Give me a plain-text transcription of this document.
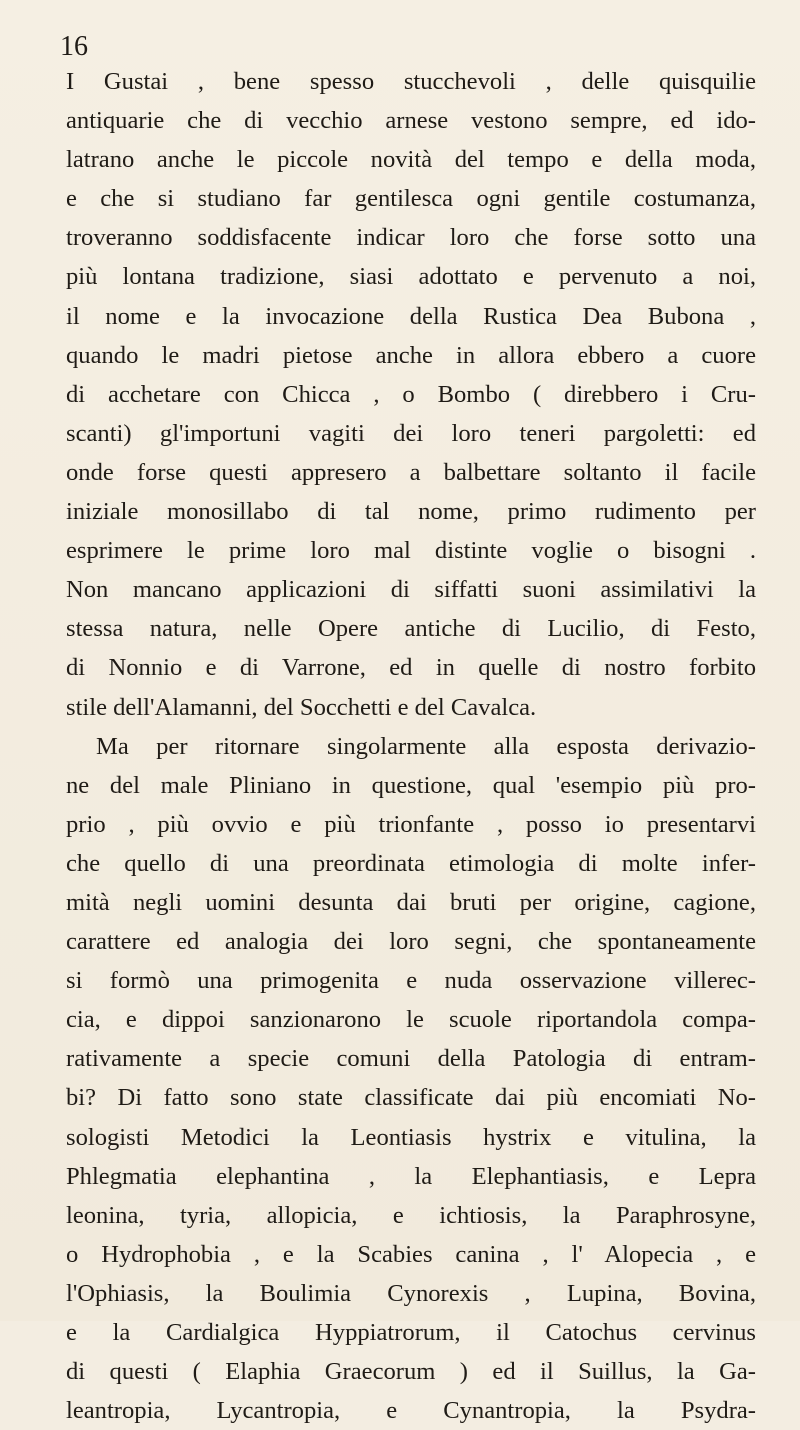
16
I Gustai , bene spesso stucchevoli , delle quisquilie
antiquarie che di vecchio arnese vestono sempre, ed ido-
latrano anche le piccole novità del tempo e della moda,
e che si studiano far gentilesca ogni gentile costumanza,
troveranno soddisfacente indicar loro che forse sotto una
più lontana tradizione, siasi adottato e pervenuto a noi,
il nome e la invocazione della Rustica Dea Bubona ,
quando le madri pietose anche in allora ebbero a cuore
di acchetare con Chicca , o Bombo ( direbbero i Cru-
scanti) gl'importuni vagiti dei loro teneri pargoletti: ed
onde forse questi appresero a balbettare soltanto il facile
iniziale monosillabo di tal nome, primo rudimento per
esprimere le prime loro mal distinte voglie o bisogni .
Non mancano applicazioni di siffatti suoni assimilativi la
stessa natura, nelle Opere antiche di Lucilio, di Festo,
di Nonnio e di Varrone, ed in quelle di nostro forbito
stile dell'Alamanni, del Socchetti e del Cavalca.
Ma per ritornare singolarmente alla esposta derivazio-
ne del male Pliniano in questione, qual 'esempio più pro-
prio , più ovvio e più trionfante , posso io presentarvi
che quello di una preordinata etimologia di molte infer-
mità negli uomini desunta dai bruti per origine, cagione,
carattere ed analogia dei loro segni, che spontaneamente
si formò una primogenita e nuda osservazione villerec-
cia, e dippoi sanzionarono le scuole riportandola compa-
rativamente a specie comuni della Patologia di entram-
bi? Di fatto sono state classificate dai più encomiati No-
sologisti Metodici la Leontiasis hystrix e vitulina, la
Phlegmatia elephantina , la Elephantiasis, e Lepra
leonina, tyria, allopicia, e ichtiosis, la Paraphrosyne,
o Hydrophobia , e la Scabies canina , l' Alopecia , e
l'Ophiasis, la Boulimia Cynorexis , Lupina, Bovina,
e la Cardialgica Hyppiatrorum, il Catochus cervinus
di questi ( Elaphia Graecorum ) ed il Suillus, la Ga-
leantropia, Lycantropia, e Cynantropia, la Psydra-
